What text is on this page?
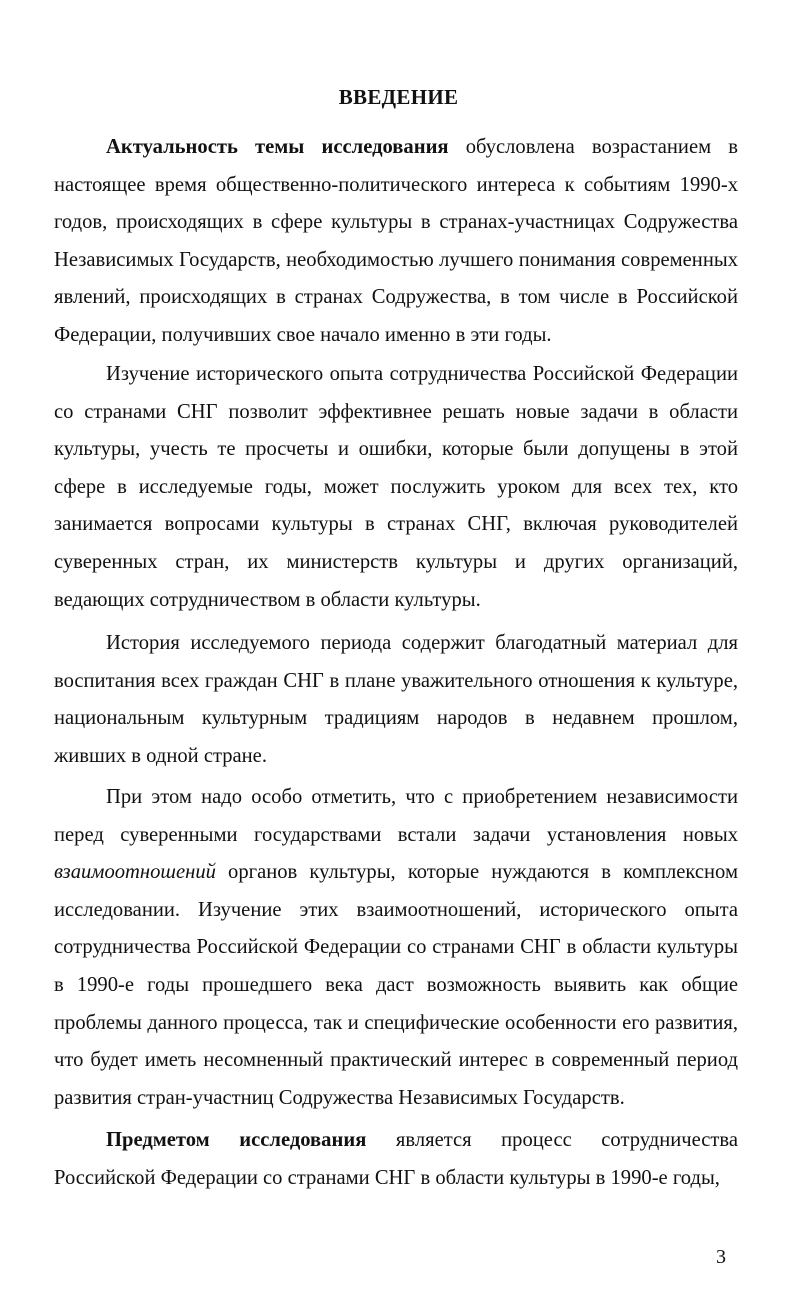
ВВЕДЕНИЕ

Актуальность темы исследования обусловлена возрастанием в настоящее время общественно-политического интереса к событиям 1990-х годов, происходящих в сфере культуры в странах-участницах Содружества Независимых Государств, необходимостью лучшего понимания современных явлений, происходящих в странах Содружества, в том числе в Российской Федерации, получивших свое начало именно в эти годы.

Изучение исторического опыта сотрудничества Российской Федерации со странами СНГ позволит эффективнее решать новые задачи в области культуры, учесть те просчеты и ошибки, которые были допущены в этой сфере в исследуемые годы, может послужить уроком для всех тех, кто занимается вопросами культуры в странах СНГ, включая руководителей суверенных стран, их министерств культуры и других организаций, ведающих сотрудничеством в области культуры.

История исследуемого периода содержит благодатный материал для воспитания всех граждан СНГ в плане уважительного отношения к культуре, национальным культурным традициям народов в недавнем прошлом, живших в одной стране.

При этом надо особо отметить, что с приобретением независимости перед суверенными государствами встали задачи установления новых взаимоотношений органов культуры, которые нуждаются в комплексном исследовании. Изучение этих взаимоотношений, исторического опыта сотрудничества Российской Федерации со странами СНГ в области культуры в 1990-е годы прошедшего века даст возможность выявить как общие проблемы данного процесса, так и специфические особенности его развития, что будет иметь несомненный практический интерес в современный период развития стран-участниц Содружества Независимых Государств.

Предметом исследования является процесс сотрудничества Российской Федерации со странами СНГ в области культуры в 1990-е годы,

3
